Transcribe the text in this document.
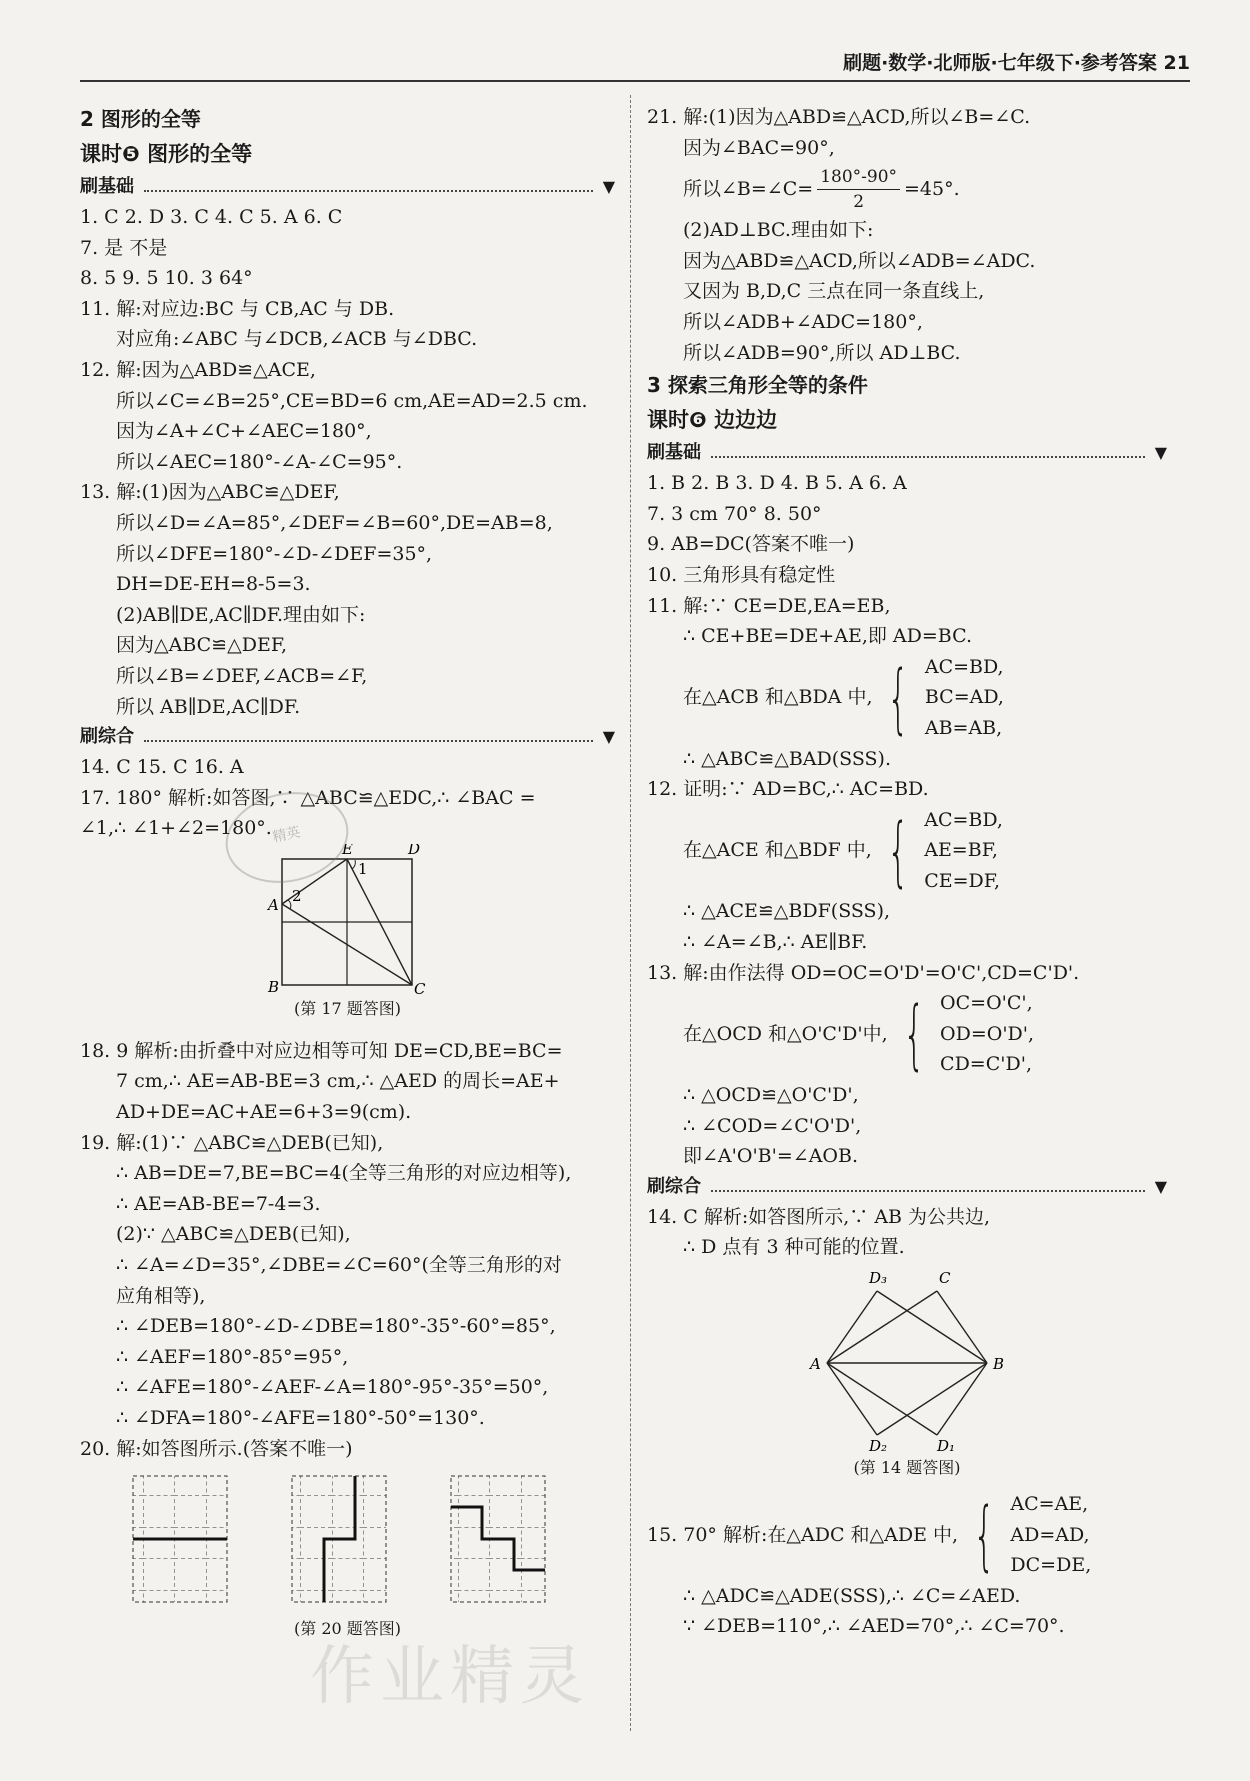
刷题·数学·北师版·七年级下·参考答案 21
2 图形的全等
课时❺ 图形的全等
刷基础	▼
1. C 2. D 3. C 4. C 5. A 6. C
7. 是 不是
8. 5 9. 5 10. 3 64°
11. 解:对应边:BC 与 CB,AC 与 DB.
对应角:∠ABC 与∠DCB,∠ACB 与∠DBC.
12. 解:因为△ABD≌△ACE,
所以∠C=∠B=25°,CE=BD=6 cm,AE=AD=2.5 cm.
因为∠A+∠C+∠AEC=180°,
所以∠AEC=180°-∠A-∠C=95°.
13. 解:(1)因为△ABC≌△DEF,
所以∠D=∠A=85°,∠DEF=∠B=60°,DE=AB=8,
所以∠DFE=180°-∠D-∠DEF=35°,
DH=DE-EH=8-5=3.
(2)AB∥DE,AC∥DF.理由如下:
因为△ABC≌△DEF,
所以∠B=∠DEF,∠ACB=∠F,
所以 AB∥DE,AC∥DF.
刷综合	▼
14. C 15. C 16. A
17. 180° 解析:如答图,∵ △ABC≌△EDC,∴ ∠BAC =
∠1,∴ ∠1+∠2=180°.
E	D
A
B	C
1
2
(第 17 题答图)
18. 9 解析:由折叠中对应边相等可知 DE=CD,BE=BC=
7 cm,∴ AE=AB-BE=3 cm,∴ △AED 的周长=AE+
AD+DE=AC+AE=6+3=9(cm).
19. 解:(1)∵ △ABC≌△DEB(已知),
∴ AB=DE=7,BE=BC=4(全等三角形的对应边相等),
∴ AE=AB-BE=7-4=3.
(2)∵ △ABC≌△DEB(已知),
∴ ∠A=∠D=35°,∠DBE=∠C=60°(全等三角形的对
应角相等),
∴ ∠DEB=180°-∠D-∠DBE=180°-35°-60°=85°,
∴ ∠AEF=180°-85°=95°,
∴ ∠AFE=180°-∠AEF-∠A=180°-95°-35°=50°,
∴ ∠DFA=180°-∠AFE=180°-50°=130°.
20. 解:如答图所示.(答案不唯一)
(第 20 题答图)
21. 解:(1)因为△ABD≌△ACD,所以∠B=∠C.
因为∠BAC=90°,
所以∠B=∠C= $\frac{180^\circ-90^\circ}{2} =45^\circ$.
(2)AD⊥BC.理由如下:
因为△ABD≌△ACD,所以∠ADB=∠ADC.
又因为 B,D,C 三点在同一条直线上,
所以∠ADB+∠ADC=180°,
所以∠ADB=90°,所以 AD⊥BC.
3 探索三角形全等的条件
课时❻ 边边边
刷基础	▼
1. B 2. B 3. D 4. B 5. A 6. A
7. 3 cm 70° 8. 50°
9. AB=DC(答案不唯一)
10. 三角形具有稳定性
11. 解:∵ CE=DE,EA=EB,
∴ CE+BE=DE+AE,即 AD=BC.
在△ACB 和△BDA 中, { AC=BD,
BC=AD,
AB=AB,
∴ △ABC≌△BAD(SSS).
12. 证明:∵ AD=BC,∴ AC=BD.
在△ACE 和△BDF 中, { AC=BD,
AE=BF,
CE=DF,
∴ △ACE≌△BDF(SSS),
∴ ∠A=∠B,∴ AE∥BF.
13. 解:由作法得 OD=OC=O'D'=O'C',CD=C'D'.
在△OCD 和△O'C'D'中, { OC=O'C',
OD=O'D',
CD=C'D',
∴ △OCD≌△O'C'D',
∴ ∠COD=∠C'O'D',
即∠A'O'B'=∠AOB.
刷综合	▼
14. C 解析:如答图所示,∵ AB 为公共边,
∴ D 点有 3 种可能的位置.
D₃	C
A	B
D₂	D₁
(第 14 题答图)
15. 70° 解析:在△ADC 和△ADE 中, { AC=AE,
AD=AD,
DC=DE,
∴ △ADC≌△ADE(SSS),∴ ∠C=∠AED.
∵ ∠DEB=110°,∴ ∠AED=70°,∴ ∠C=70°.
精英
作业精灵
